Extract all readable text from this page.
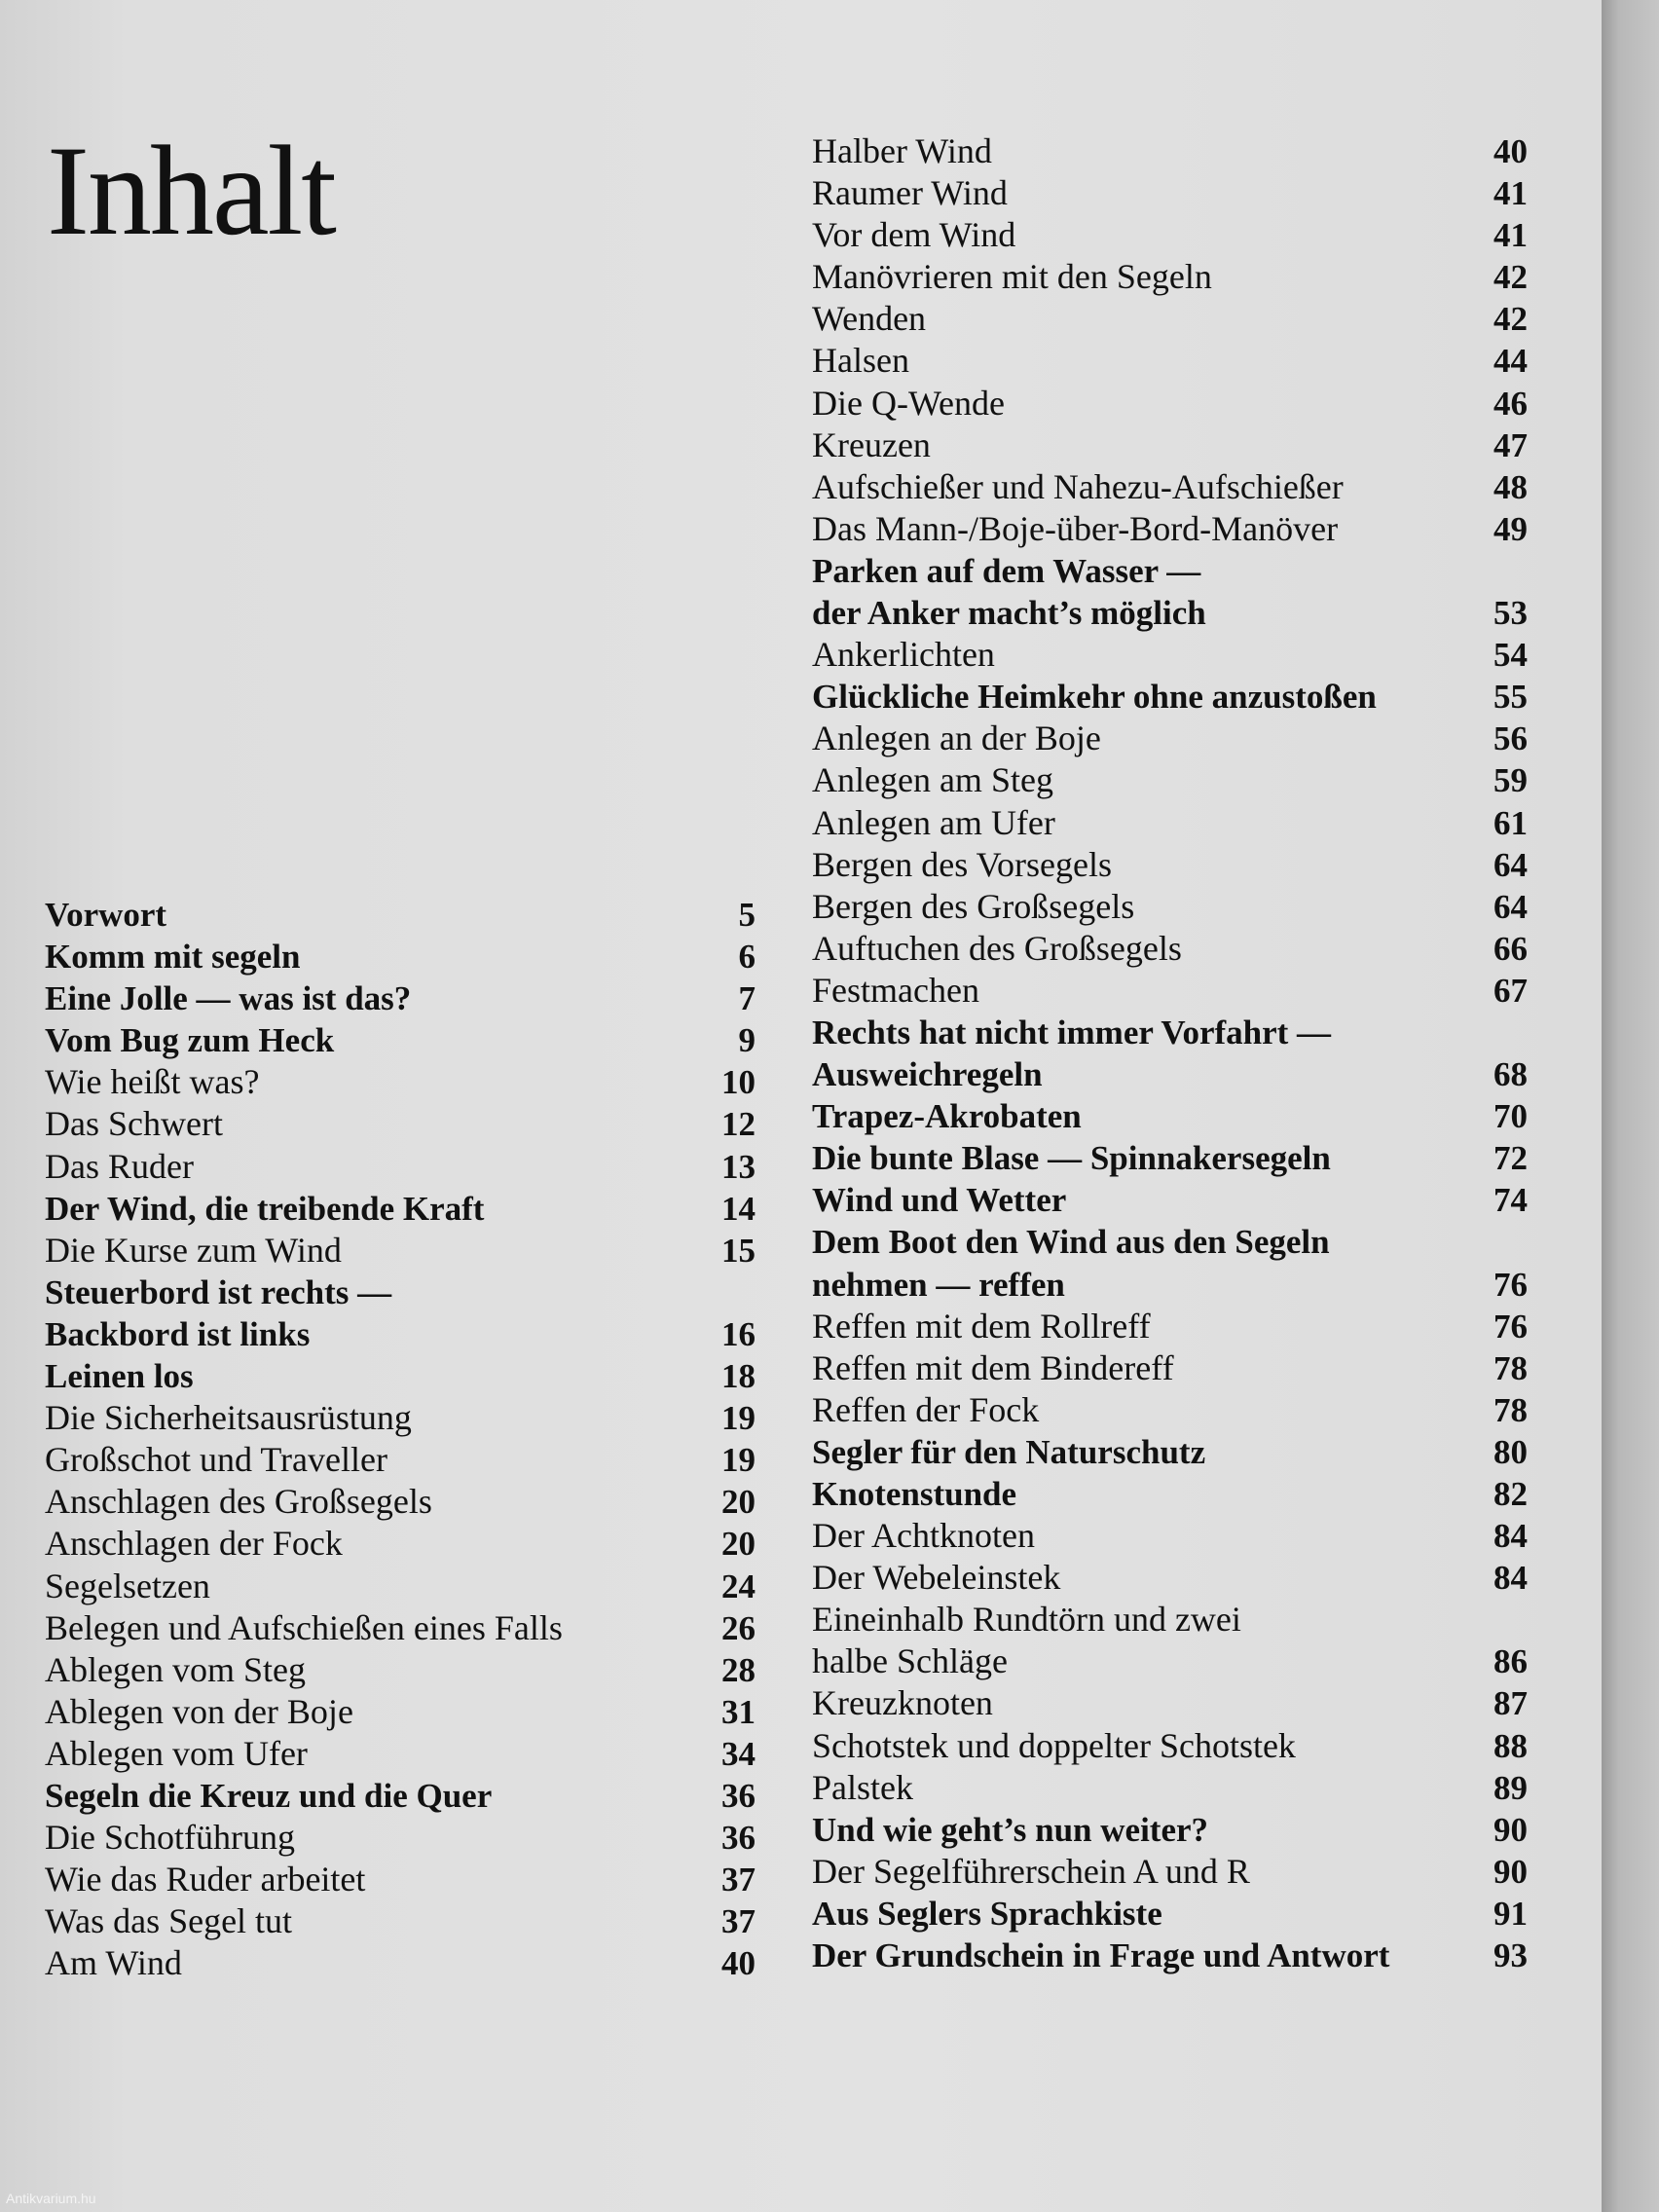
Inhalt
Vorwort	5
Komm mit segeln	6
Eine Jolle — was ist das?	7
Vom Bug zum Heck	9
Wie heißt was?	10
Das Schwert	12
Das Ruder	13
Der Wind, die treibende Kraft	14
Die Kurse zum Wind	15
Steuerbord ist rechts —
Backbord ist links	16
Leinen los	18
Die Sicherheitsausrüstung	19
Großschot und Traveller	19
Anschlagen des Großsegels	20
Anschlagen der Fock	20
Segelsetzen	24
Belegen und Aufschießen eines Falls	26
Ablegen vom Steg	28
Ablegen von der Boje	31
Ablegen vom Ufer	34
Segeln die Kreuz und die Quer	36
Die Schotführung	36
Wie das Ruder arbeitet	37
Was das Segel tut	37
Am Wind	40
Halber Wind	40
Raumer Wind	41
Vor dem Wind	41
Manövrieren mit den Segeln	42
Wenden	42
Halsen	44
Die Q-Wende	46
Kreuzen	47
Aufschießer und Nahezu-Aufschießer	48
Das Mann-/Boje-über-Bord-Manöver	49
Parken auf dem Wasser —
der Anker macht’s möglich	53
Ankerlichten	54
Glückliche Heimkehr ohne anzustoßen	55
Anlegen an der Boje	56
Anlegen am Steg	59
Anlegen am Ufer	61
Bergen des Vorsegels	64
Bergen des Großsegels	64
Auftuchen des Großsegels	66
Festmachen	67
Rechts hat nicht immer Vorfahrt —
Ausweichregeln	68
Trapez-Akrobaten	70
Die bunte Blase — Spinnakersegeln	72
Wind und Wetter	74
Dem Boot den Wind aus den Segeln
nehmen — reffen	76
Reffen mit dem Rollreff	76
Reffen mit dem Bindereff	78
Reffen der Fock	78
Segler für den Naturschutz	80
Knotenstunde	82
Der Achtknoten	84
Der Webeleinstek	84
Eineinhalb Rundtörn und zwei
halbe Schläge	86
Kreuzknoten	87
Schotstek und doppelter Schotstek	88
Palstek	89
Und wie geht’s nun weiter?	90
Der Segelführerschein A und R	90
Aus Seglers Sprachkiste	91
Der Grundschein in Frage und Antwort	93
Antikvarium.hu
